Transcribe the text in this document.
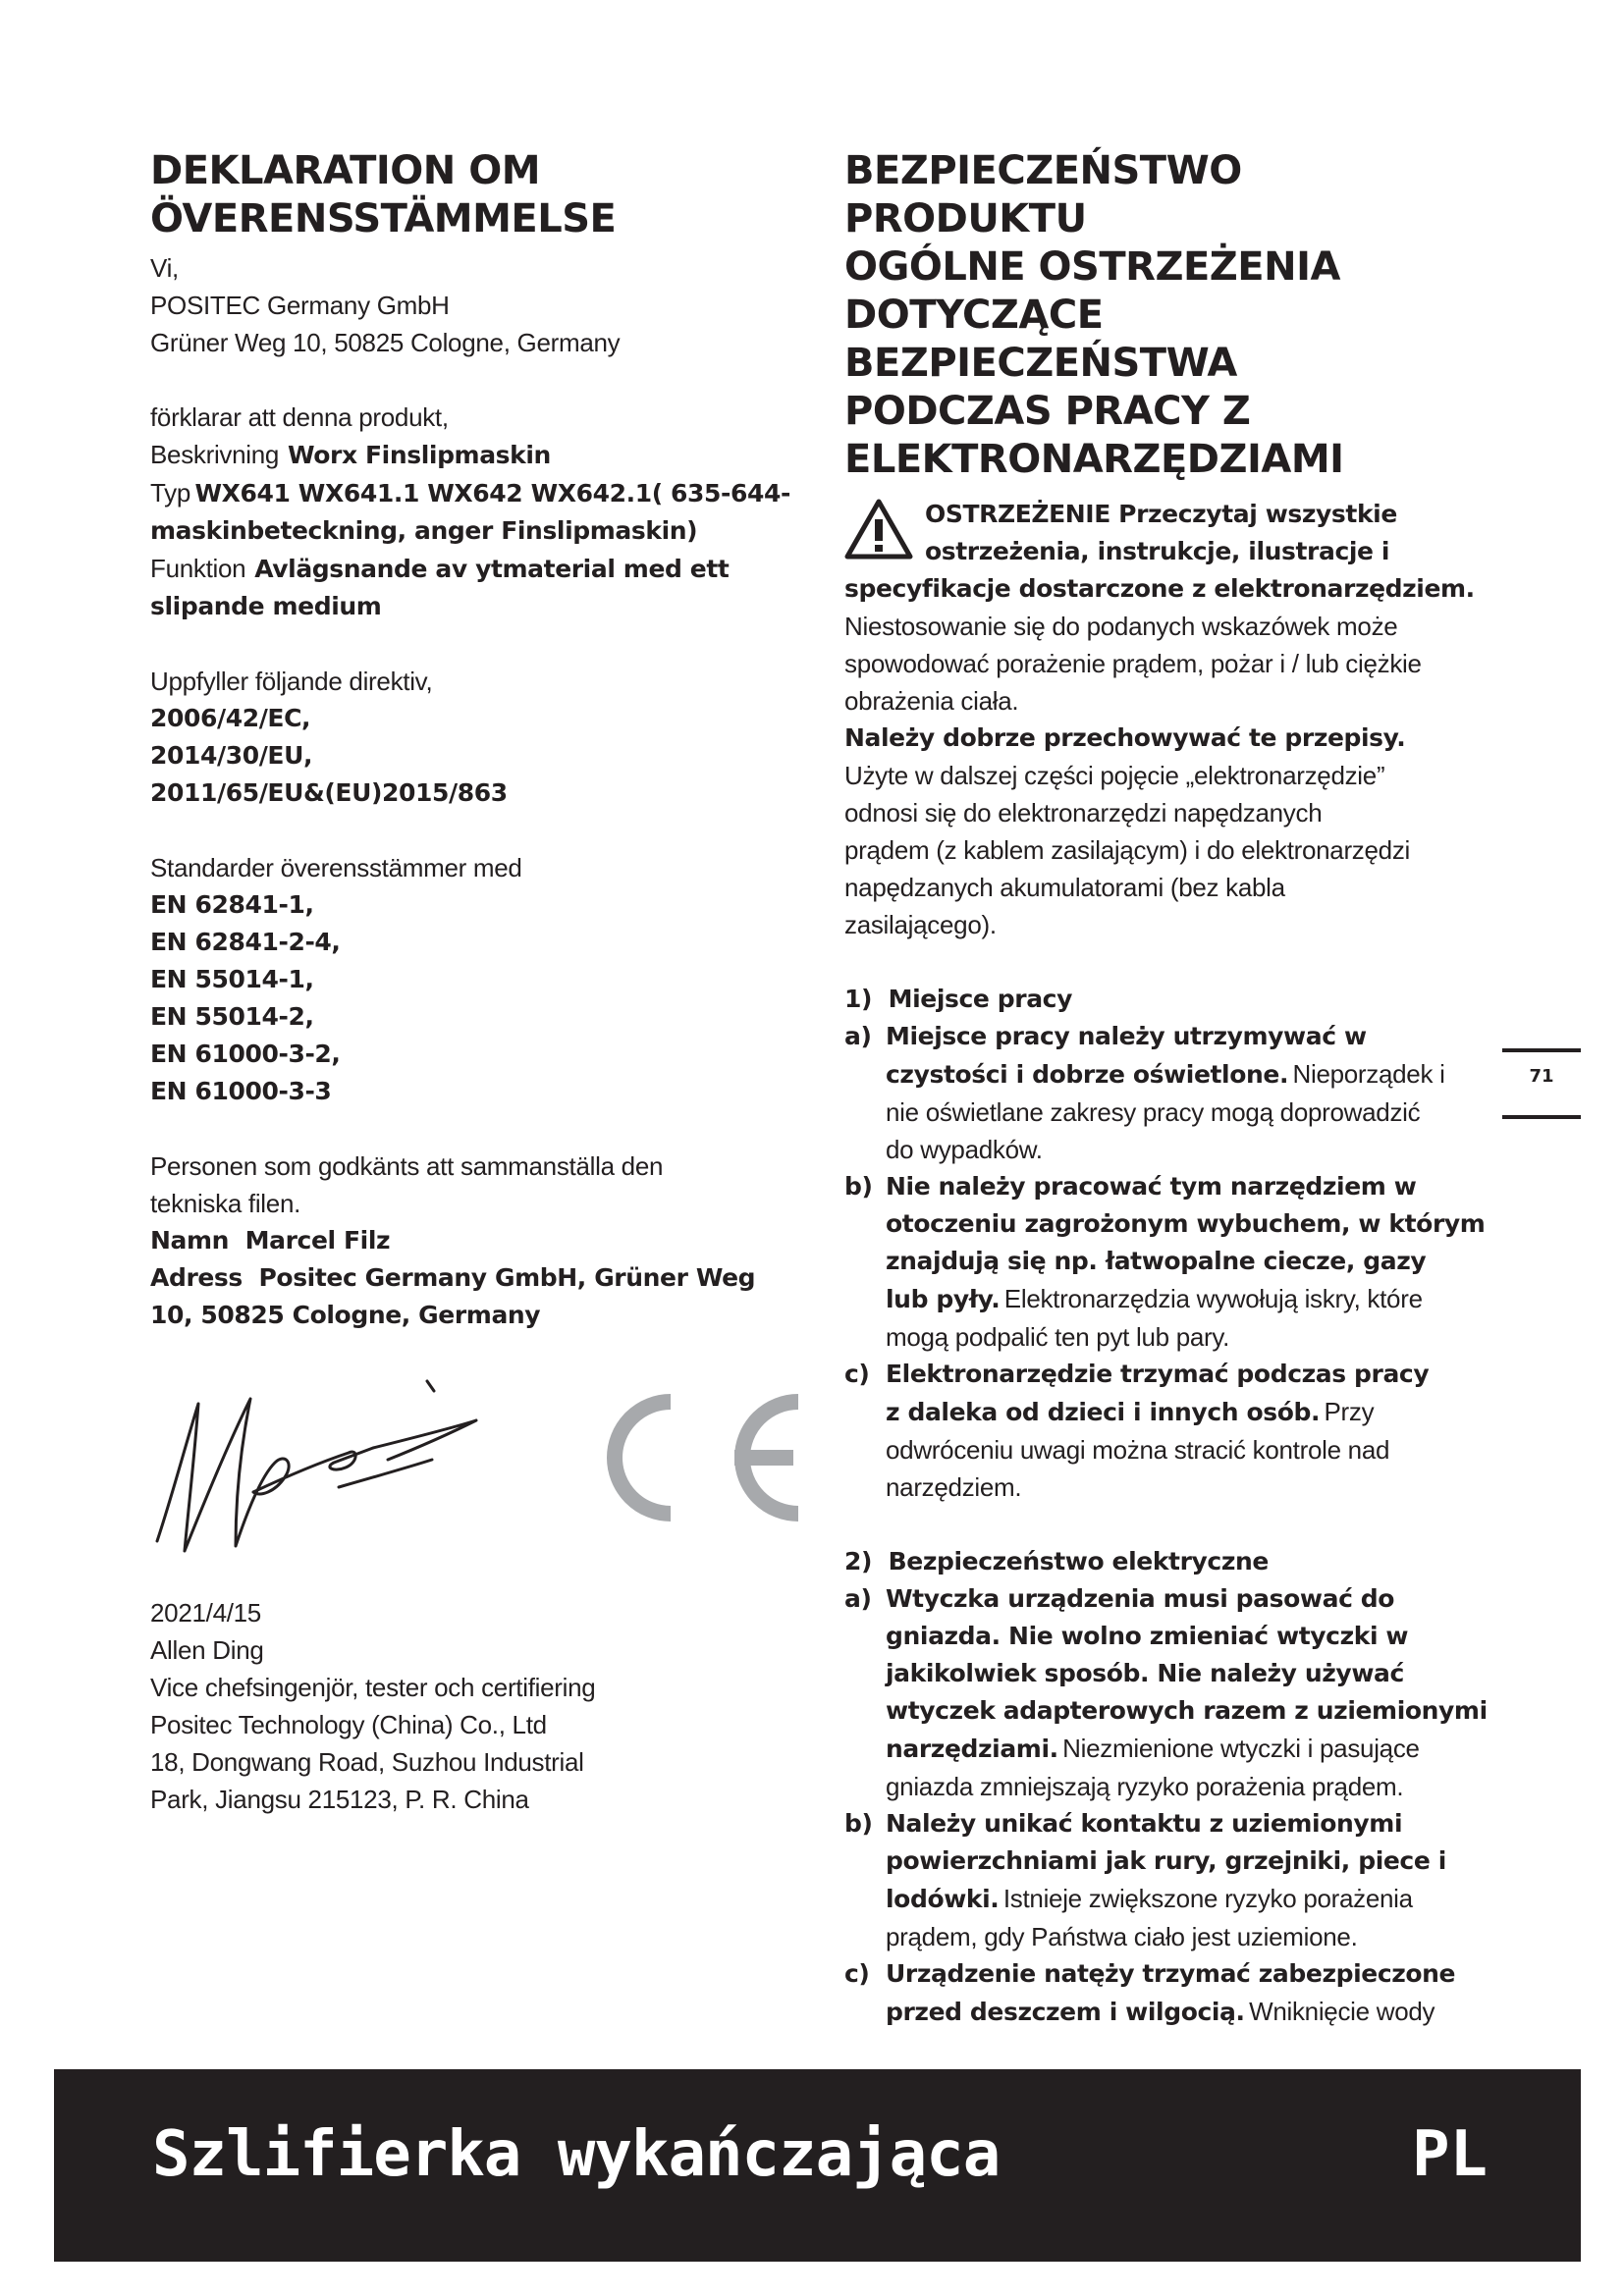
DEKLARATION OM
ÖVERENSSTÄMMELSE
Vi,
POSITEC Germany GmbH
Grüner Weg 10, 50825 Cologne, Germany
förklarar att denna produkt,
Beskrivning Worx Finslipmaskin
Typ WX641 WX641.1 WX642 WX642.1( 635-644-
maskinbeteckning, anger Finslipmaskin)
Funktion Avlägsnande av ytmaterial med ett
slipande medium
Uppfyller följande direktiv,
2006/42/EC,
2014/30/EU,
2011/65/EU&(EU)2015/863
Standarder överensstämmer med
EN 62841-1,
EN 62841-2-4,
EN 55014-1,
EN 55014-2,
EN 61000-3-2,
EN 61000-3-3
Personen som godkänts att sammanställa den
tekniska filen.
Namn Marcel Filz
Adress Positec Germany GmbH, Grüner Weg
10, 50825 Cologne, Germany
2021/4/15
Allen Ding
Vice chefsingenjör, tester och certifiering
Positec Technology (China) Co., Ltd
18, Dongwang Road, Suzhou Industrial
Park, Jiangsu 215123, P. R. China
BEZPIECZEŃSTWO
PRODUKTU
OGÓLNE OSTRZEŻENIA
DOTYCZĄCE
BEZPIECZEŃSTWA
PODCZAS PRACY Z
ELEKTRONARZĘDZIAMI
OSTRZEŻENIE Przeczytaj wszystkie
ostrzeżenia, instrukcje, ilustracje i
specyfikacje dostarczone z elektronarzędziem.
Niestosowanie się do podanych wskazówek może
spowodować porażenie prądem, pożar i / lub ciężkie
obrażenia ciała.
Należy dobrze przechowywać te przepisy.
Użyte w dalszej części pojęcie „elektronarzędzie”
odnosi się do elektronarzędzi napędzanych
prądem (z kablem zasilającym) i do elektronarzędzi
napędzanych akumulatorami (bez kabla
zasilającego).
1) Miejsce pracy
a) Miejsce pracy należy utrzymywać w
czystości i dobrze oświetlone. Nieporządek i
nie oświetlane zakresy pracy mogą doprowadzić
do wypadków.
b) Nie należy pracować tym narzędziem w
otoczeniu zagrożonym wybuchem, w którym
znajdują się np. łatwopalne ciecze, gazy
lub pyły. Elektronarzędzia wywołują iskry, które
mogą podpalić ten pyt lub pary.
c) Elektronarzędzie trzymać podczas pracy
z daleka od dzieci i innych osób. Przy
odwróceniu uwagi można stracić kontrole nad
narzędziem.
2) Bezpieczeństwo elektryczne
a) Wtyczka urządzenia musi pasować do
gniazda. Nie wolno zmieniać wtyczki w
jakikolwiek sposób. Nie należy używać
wtyczek adapterowych razem z uziemionymi
narzędziami. Niezmienione wtyczki i pasujące
gniazda zmniejszają ryzyko porażenia prądem.
b) Należy unikać kontaktu z uziemionymi
powierzchniami jak rury, grzejniki, piece i
lodówki. Istnieje zwiększone ryzyko porażenia
prądem, gdy Państwa ciało jest uziemione.
c) Urządzenie natęży trzymać zabezpieczone
przed deszczem i wilgocią. Wniknięcie wody
71
Szlifierka wykańczająca	PL
